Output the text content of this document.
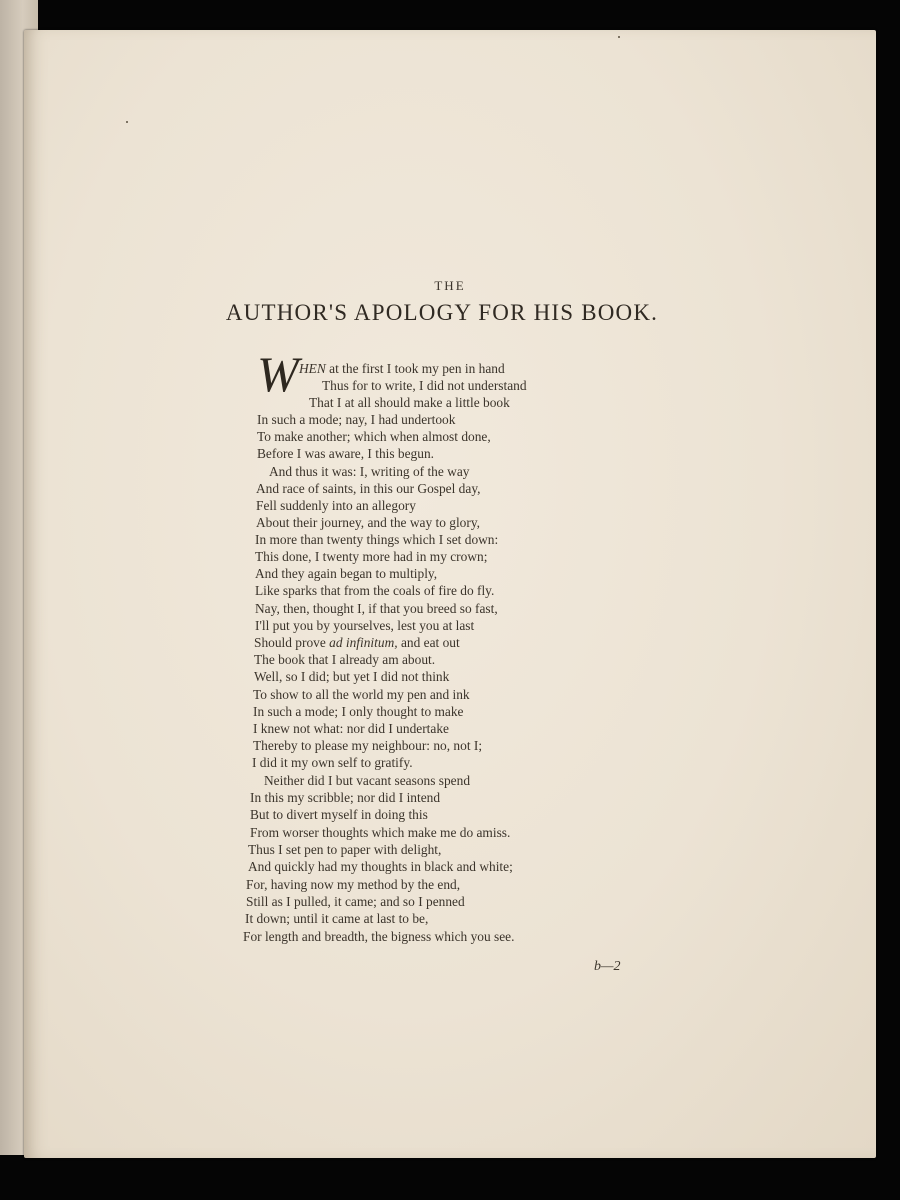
THE
AUTHOR'S APOLOGY FOR HIS BOOK.
W HEN at the first I took my pen in hand
Thus for to write, I did not understand
That I at all should make a little book
In such a mode; nay, I had undertook
To make another; which when almost done,
Before I was aware, I this begun.
And thus it was: I, writing of the way
And race of saints, in this our Gospel day,
Fell suddenly into an allegory
About their journey, and the way to glory,
In more than twenty things which I set down:
This done, I twenty more had in my crown;
And they again began to multiply,
Like sparks that from the coals of fire do fly.
Nay, then, thought I, if that you breed so fast,
I'll put you by yourselves, lest you at last
Should prove ad infinitum, and eat out
The book that I already am about.
Well, so I did; but yet I did not think
To show to all the world my pen and ink
In such a mode; I only thought to make
I knew not what: nor did I undertake
Thereby to please my neighbour: no, not I;
I did it my own self to gratify.
Neither did I but vacant seasons spend
In this my scribble; nor did I intend
But to divert myself in doing this
From worser thoughts which make me do amiss.
Thus I set pen to paper with delight,
And quickly had my thoughts in black and white;
For, having now my method by the end,
Still as I pulled, it came; and so I penned
It down; until it came at last to be,
For length and breadth, the bigness which you see.
b—2
